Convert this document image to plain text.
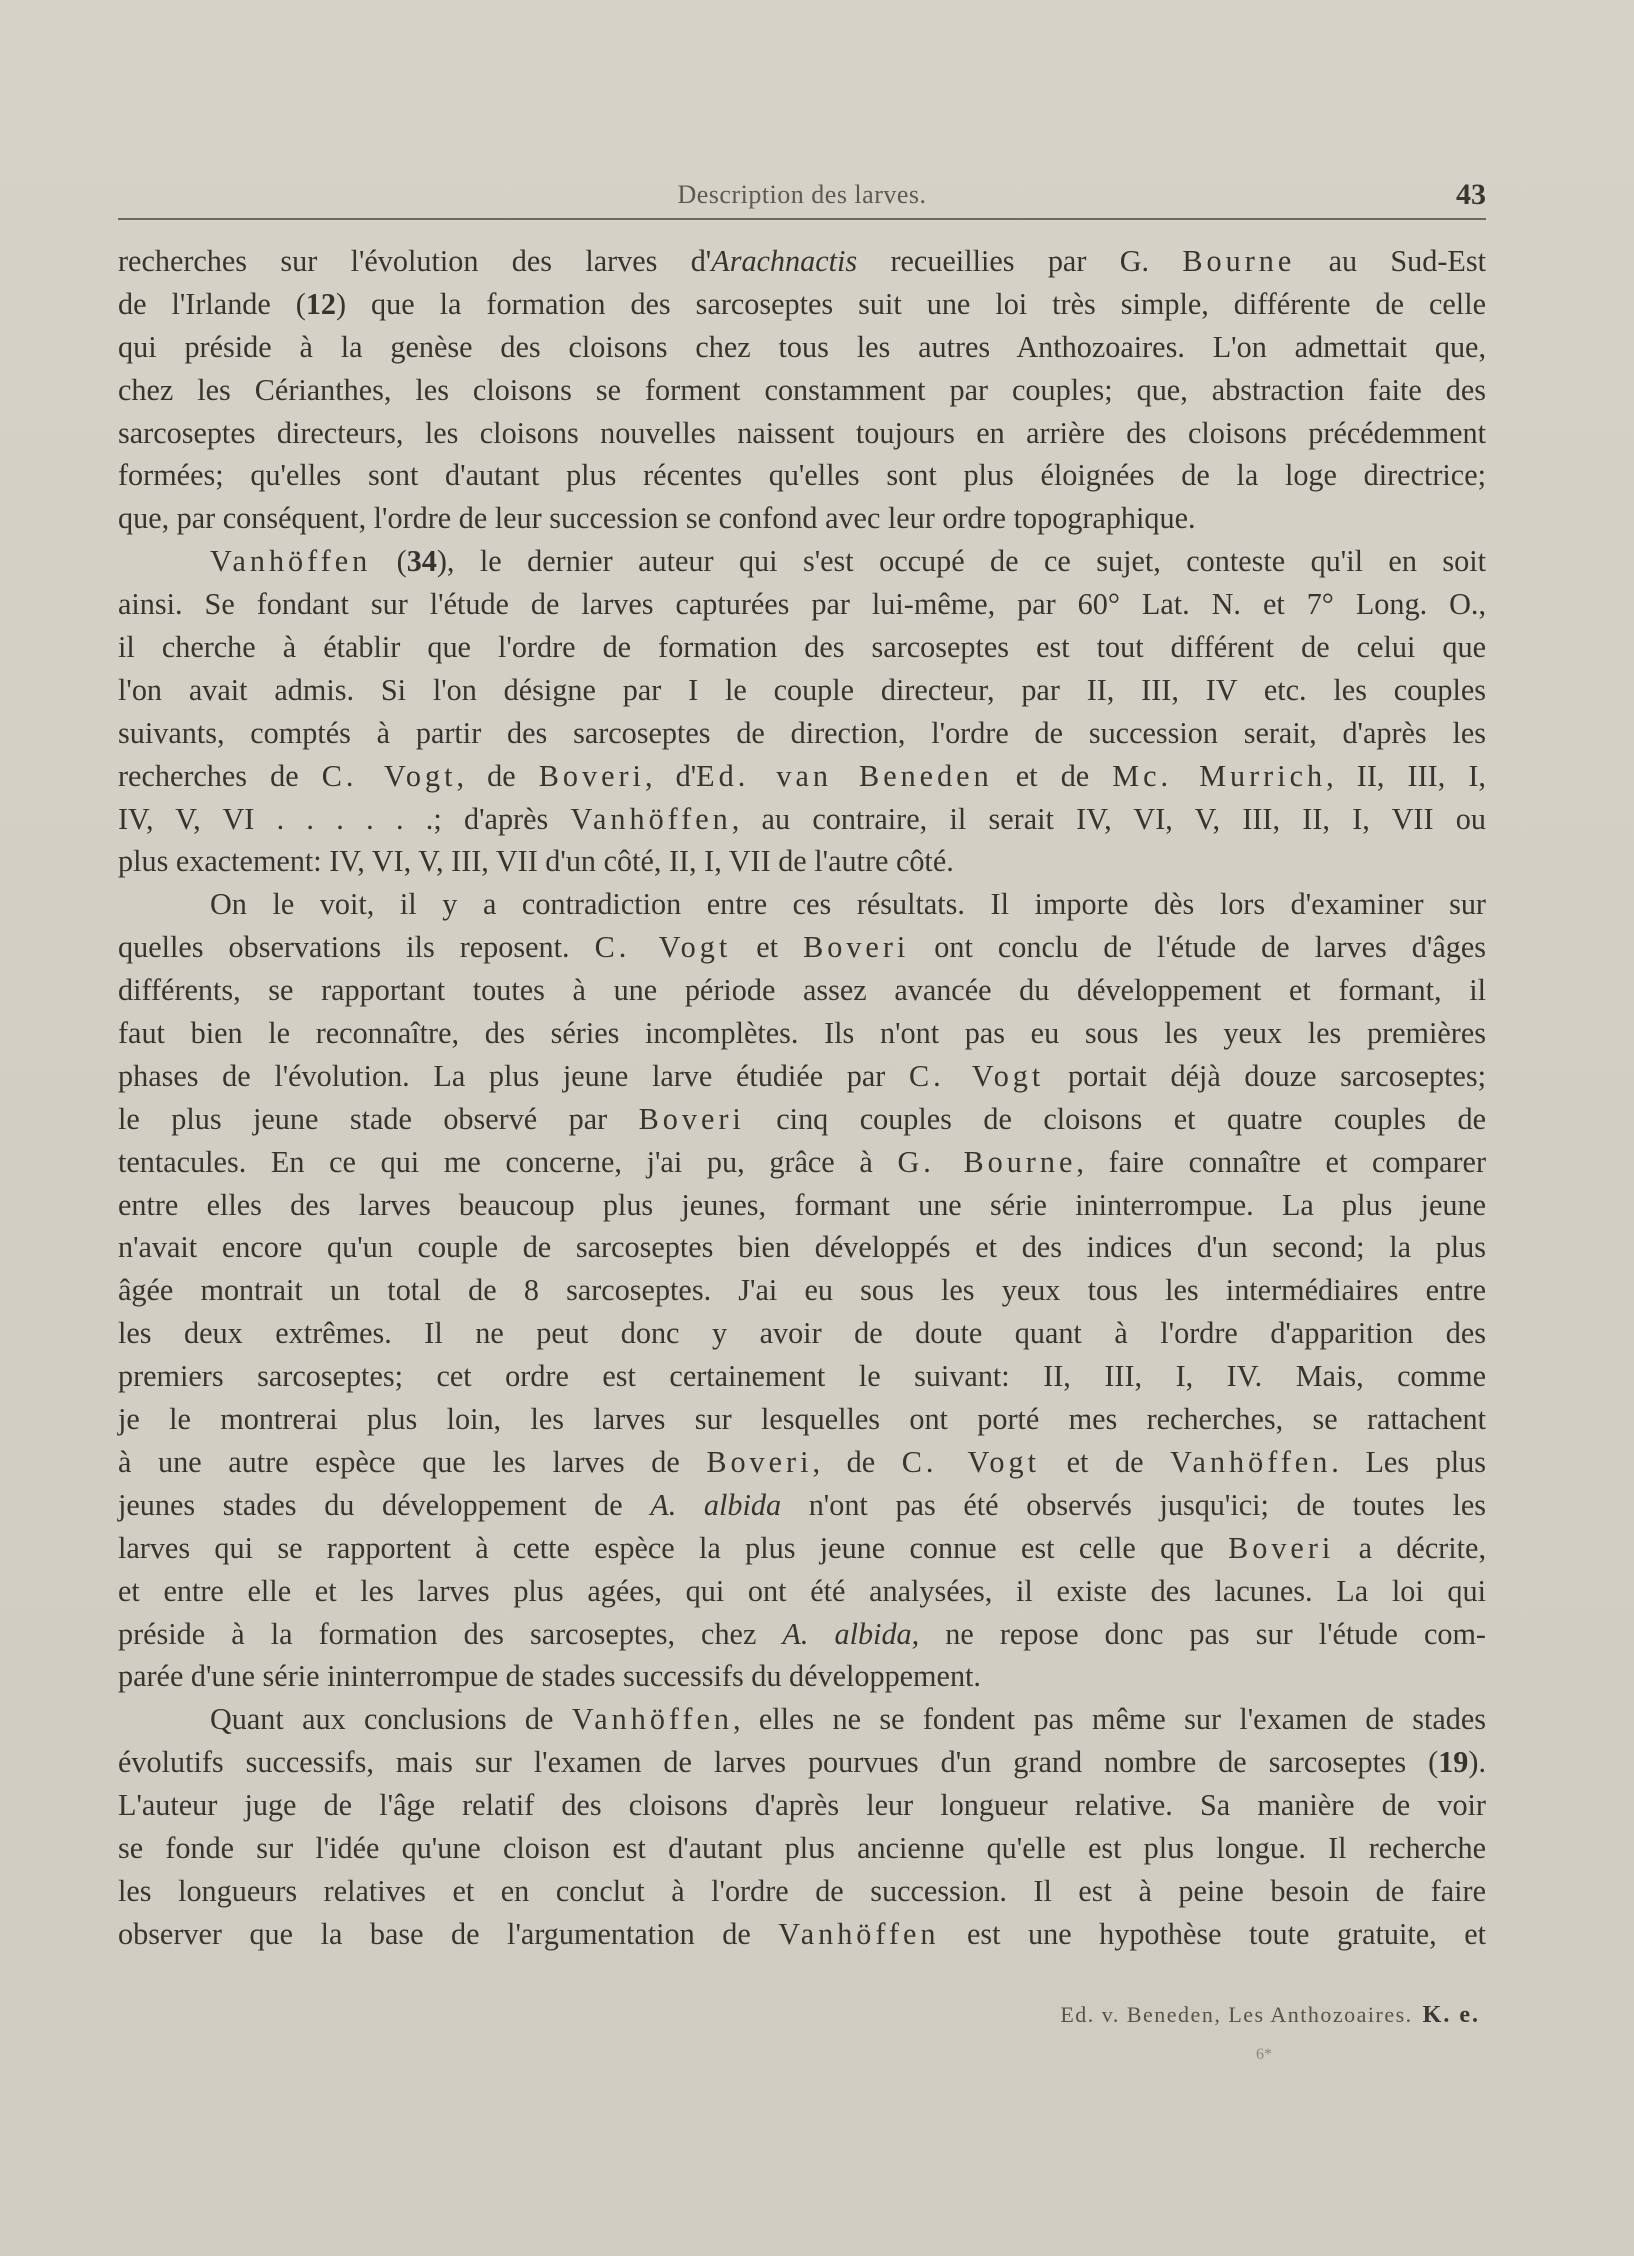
Description des larves.	43
recherches sur l'évolution des larves d'Arachnactis recueillies par G. Bourne au Sud-Est
de l'Irlande (12) que la formation des sarcoseptes suit une loi très simple, différente de celle
qui préside à la genèse des cloisons chez tous les autres Anthozoaires. L'on admettait que,
chez les Cérianthes, les cloisons se forment constamment par couples; que, abstraction faite des
sarcoseptes directeurs, les cloisons nouvelles naissent toujours en arrière des cloisons précédemment
formées; qu'elles sont d'autant plus récentes qu'elles sont plus éloignées de la loge directrice;
que, par conséquent, l'ordre de leur succession se confond avec leur ordre topographique.
Vanhöffen (34), le dernier auteur qui s'est occupé de ce sujet, conteste qu'il en soit
ainsi. Se fondant sur l'étude de larves capturées par lui-même, par 60° Lat. N. et 7° Long. O.,
il cherche à établir que l'ordre de formation des sarcoseptes est tout différent de celui que
l'on avait admis. Si l'on désigne par I le couple directeur, par II, III, IV etc. les couples
suivants, comptés à partir des sarcoseptes de direction, l'ordre de succession serait, d'après les
recherches de C. Vogt, de Boveri, d'Ed. van Beneden et de Mc. Murrich, II, III, I,
IV, V, VI . . . . . .; d'après Vanhöffen, au contraire, il serait IV, VI, V, III, II, I, VII ou
plus exactement: IV, VI, V, III, VII d'un côté, II, I, VII de l'autre côté.
On le voit, il y a contradiction entre ces résultats. Il importe dès lors d'examiner sur
quelles observations ils reposent. C. Vogt et Boveri ont conclu de l'étude de larves d'âges
différents, se rapportant toutes à une période assez avancée du développement et formant, il
faut bien le reconnaître, des séries incomplètes. Ils n'ont pas eu sous les yeux les premières
phases de l'évolution. La plus jeune larve étudiée par C. Vogt portait déjà douze sarcoseptes;
le plus jeune stade observé par Boveri cinq couples de cloisons et quatre couples de
tentacules. En ce qui me concerne, j'ai pu, grâce à G. Bourne, faire connaître et comparer
entre elles des larves beaucoup plus jeunes, formant une série ininterrompue. La plus jeune
n'avait encore qu'un couple de sarcoseptes bien développés et des indices d'un second; la plus
âgée montrait un total de 8 sarcoseptes. J'ai eu sous les yeux tous les intermédiaires entre
les deux extrêmes. Il ne peut donc y avoir de doute quant à l'ordre d'apparition des
premiers sarcoseptes; cet ordre est certainement le suivant: II, III, I, IV. Mais, comme
je le montrerai plus loin, les larves sur lesquelles ont porté mes recherches, se rattachent
à une autre espèce que les larves de Boveri, de C. Vogt et de Vanhöffen. Les plus
jeunes stades du développement de A. albida n'ont pas été observés jusqu'ici; de toutes les
larves qui se rapportent à cette espèce la plus jeune connue est celle que Boveri a décrite,
et entre elle et les larves plus agées, qui ont été analysées, il existe des lacunes. La loi qui
préside à la formation des sarcoseptes, chez A. albida, ne repose donc pas sur l'étude com-
parée d'une série ininterrompue de stades successifs du développement.
Quant aux conclusions de Vanhöffen, elles ne se fondent pas même sur l'examen de stades
évolutifs successifs, mais sur l'examen de larves pourvues d'un grand nombre de sarcoseptes (19).
L'auteur juge de l'âge relatif des cloisons d'après leur longueur relative. Sa manière de voir
se fonde sur l'idée qu'une cloison est d'autant plus ancienne qu'elle est plus longue. Il recherche
les longueurs relatives et en conclut à l'ordre de succession. Il est à peine besoin de faire
observer que la base de l'argumentation de Vanhöffen est une hypothèse toute gratuite, et
Ed. v. Beneden, Les Anthozoaires. K. e.
6*
